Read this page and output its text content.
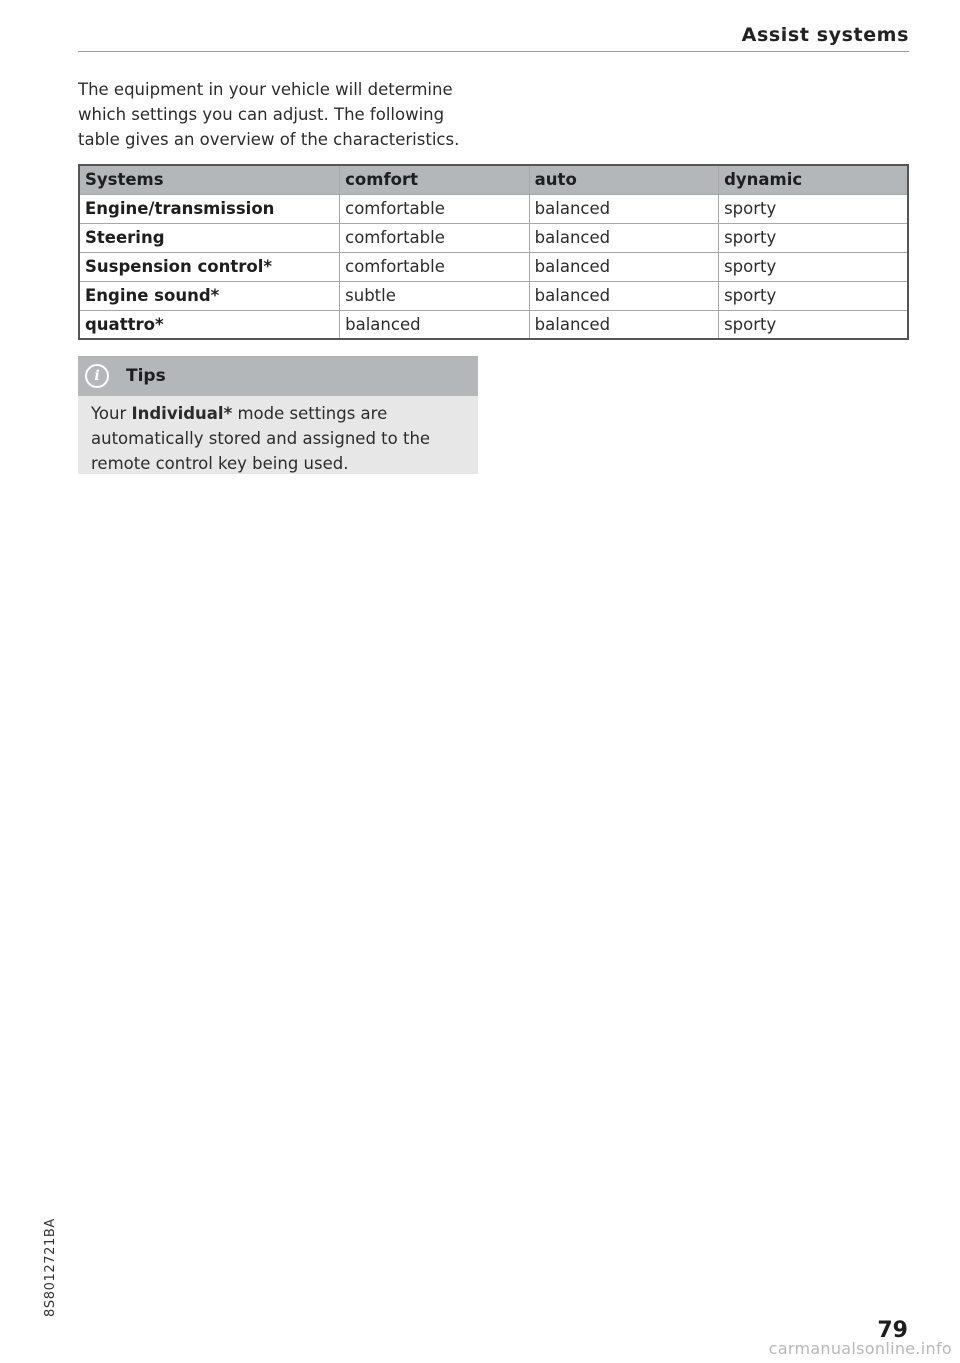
Assist systems

The equipment in your vehicle will determine which settings you can adjust. The following table gives an overview of the characteristics.

Systems	comfort	auto	dynamic
Engine/transmission	comfortable	balanced	sporty
Steering	comfortable	balanced	sporty
Suspension control*	comfortable	balanced	sporty
Engine sound*	subtle	balanced	sporty
quattro*	balanced	balanced	sporty
i	Tips
Your Individual* mode settings are automatically stored and assigned to the remote control key being used.
8S8012721BA
79
carmanualsonline.info
